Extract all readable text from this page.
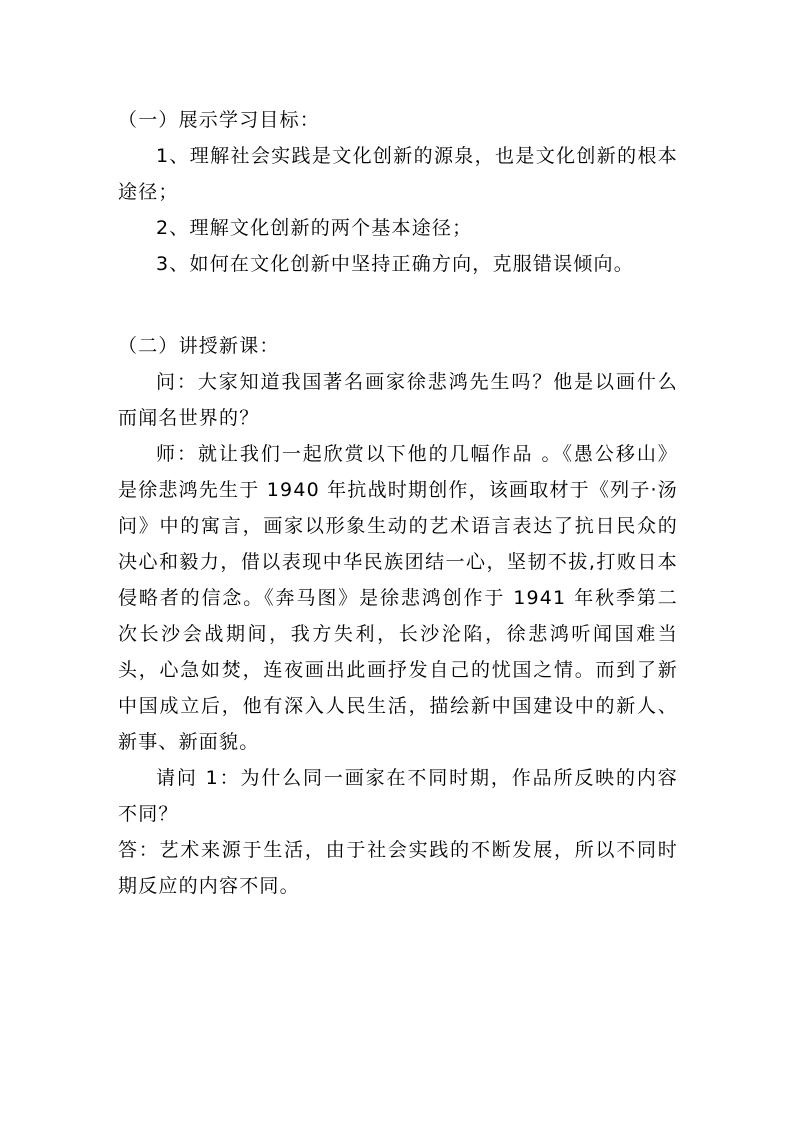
（一）展示学习目标：

1、理解社会实践是文化创新的源泉，也是文化创新的根本途径；

2、理解文化创新的两个基本途径；

3、如何在文化创新中坚持正确方向，克服错误倾向。

（二）讲授新课：

问：大家知道我国著名画家徐悲鸿先生吗？他是以画什么而闻名世界的？

师：就让我们一起欣赏以下他的几幅作品 。《愚公移山》是徐悲鸿先生于 1940 年抗战时期创作，该画取材于《列子·汤问》中的寓言，画家以形象生动的艺术语言表达了抗日民众的决心和毅力，借以表现中华民族团结一心，坚韧不拔,打败日本侵略者的信念。《奔马图》是徐悲鸿创作于 1941 年秋季第二次长沙会战期间，我方失利，长沙沦陷，徐悲鸿听闻国难当头，心急如焚，连夜画出此画抒发自己的忧国之情。而到了新中国成立后，他有深入人民生活，描绘新中国建设中的新人、新事、新面貌。

请问 1：为什么同一画家在不同时期，作品所反映的内容不同？

答：艺术来源于生活，由于社会实践的不断发展，所以不同时期反应的内容不同。
